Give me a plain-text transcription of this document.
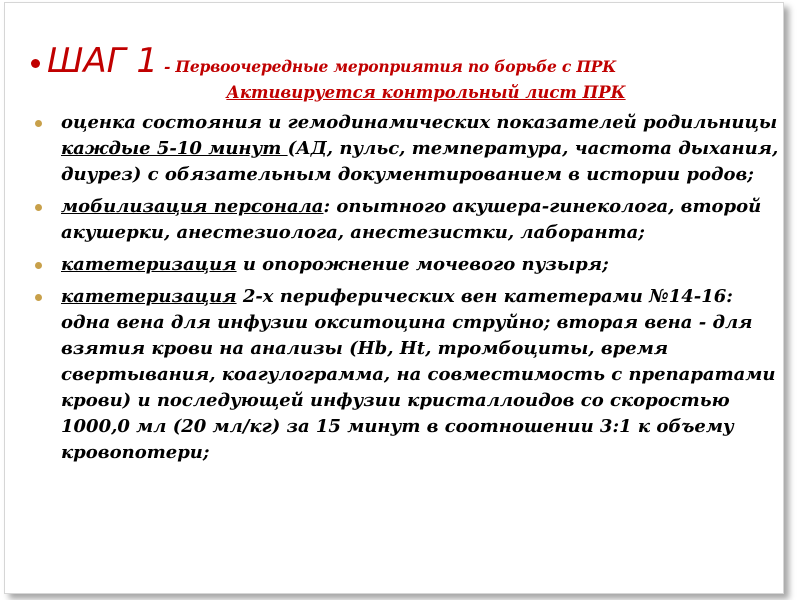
ШАГ 1 - Первоочередные мероприятия по борьбе с ПРК
Активируется контрольный лист ПРК
оценка состояния и гемодинамических показателей родильницы каждые 5-10 минут (АД, пульс, температура, частота дыхания, диурез) с обязательным документированием в истории родов;
мобилизация персонала: опытного акушера-гинеколога, второй акушерки, анестезиолога, анестезистки, лаборанта;
катетеризация и опорожнение мочевого пузыря;
катетеризация 2-х периферических вен катетерами №14-16: одна вена для инфузии окситоцина струйно; вторая вена - для взятия крови на анализы (Hb, Ht, тромбоциты, время свертывания, коагулограмма, на совместимость с препаратами крови) и последующей инфузии кристаллоидов со скоростью 1000,0 мл (20 мл/кг) за 15 минут в соотношении 3:1 к объему кровопотери;
